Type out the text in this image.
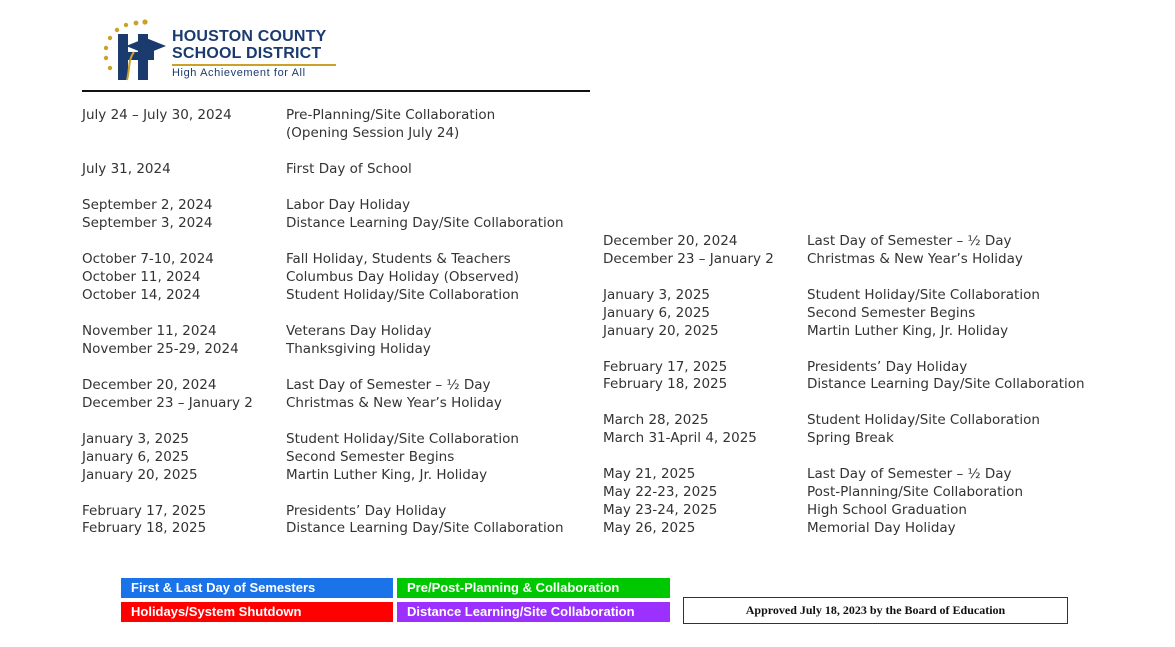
HOUSTON COUNTY
SCHOOL DISTRICT
High Achievement for All
July 24 – July 30, 2024	Pre-Planning/Site Collaboration
(Opening Session July 24)
July 31, 2024	First Day of School
September 2, 2024	Labor Day Holiday
September 3, 2024	Distance Learning Day/Site Collaboration
October 7-10, 2024	Fall Holiday, Students & Teachers
October 11, 2024	Columbus Day Holiday (Observed)
October 14, 2024	Student Holiday/Site Collaboration
November 11, 2024	Veterans Day Holiday
November 25-29, 2024	Thanksgiving Holiday
December 20, 2024	Last Day of Semester – ½ Day
December 23 – January 2 Christmas & New Year’s Holiday
January 3, 2025	Student Holiday/Site Collaboration
January 6, 2025	Second Semester Begins
January 20, 2025	Martin Luther King, Jr. Holiday
February 17, 2025	Presidents’ Day Holiday
February 18, 2025	Distance Learning Day/Site Collaboration
December 20, 2024	Last Day of Semester – ½ Day
December 23 – January 2 Christmas & New Year’s Holiday
January 3, 2025	Student Holiday/Site Collaboration
January 6, 2025	Second Semester Begins
January 20, 2025	Martin Luther King, Jr. Holiday
February 17, 2025	Presidents’ Day Holiday
February 18, 2025	Distance Learning Day/Site Collaboration
March 28, 2025	Student Holiday/Site Collaboration
March 31-April 4, 2025	Spring Break
May 21, 2025	Last Day of Semester – ½ Day
May 22-23, 2025	Post-Planning/Site Collaboration
May 23-24, 2025	High School Graduation
May 26, 2025	Memorial Day Holiday
First & Last Day of Semesters	Pre/Post-Planning & Collaboration
Holidays/System Shutdown	Distance Learning/Site Collaboration	Approved July 18, 2023 by the Board of Education
